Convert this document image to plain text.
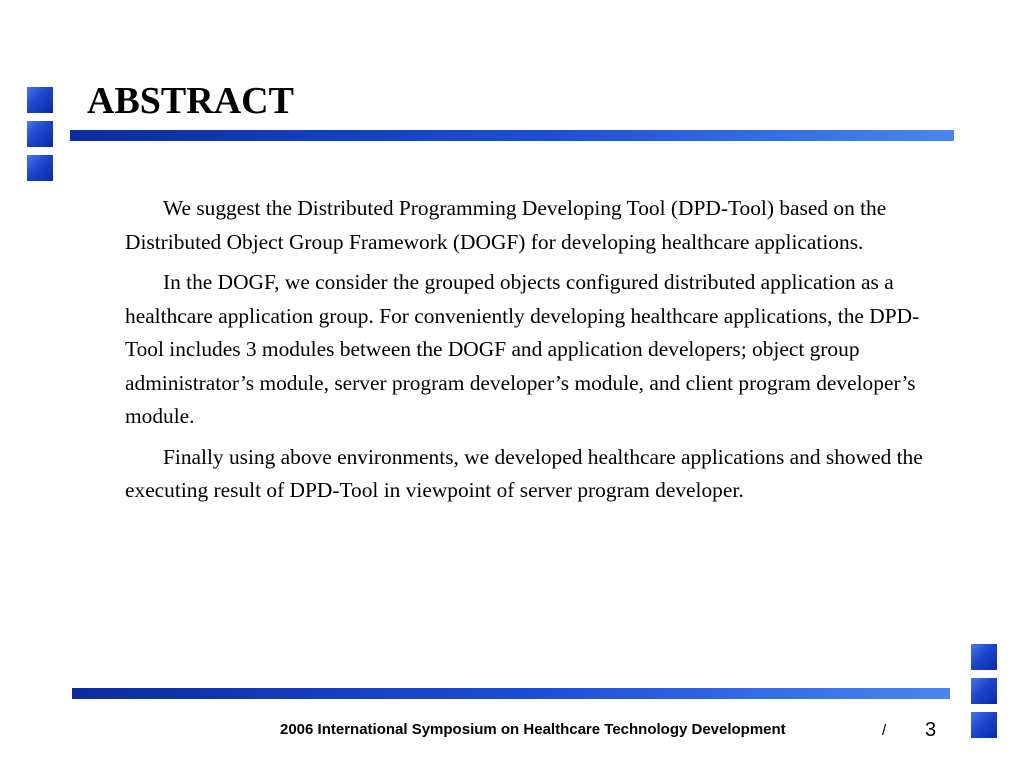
ABSTRACT

We suggest the Distributed Programming Developing Tool (DPD-Tool) based on the Distributed Object Group Framework (DOGF) for developing healthcare applications.

In the DOGF, we consider the grouped objects configured distributed application as a healthcare application group. For conveniently developing healthcare applications, the DPD-Tool includes 3 modules between the DOGF and application developers; object group administrator’s module, server program developer’s module, and client program developer’s module.

Finally using above environments, we developed healthcare applications and showed the executing result of DPD-Tool in viewpoint of server program developer.

2006 International Symposium on Healthcare Technology Development	/ 3
